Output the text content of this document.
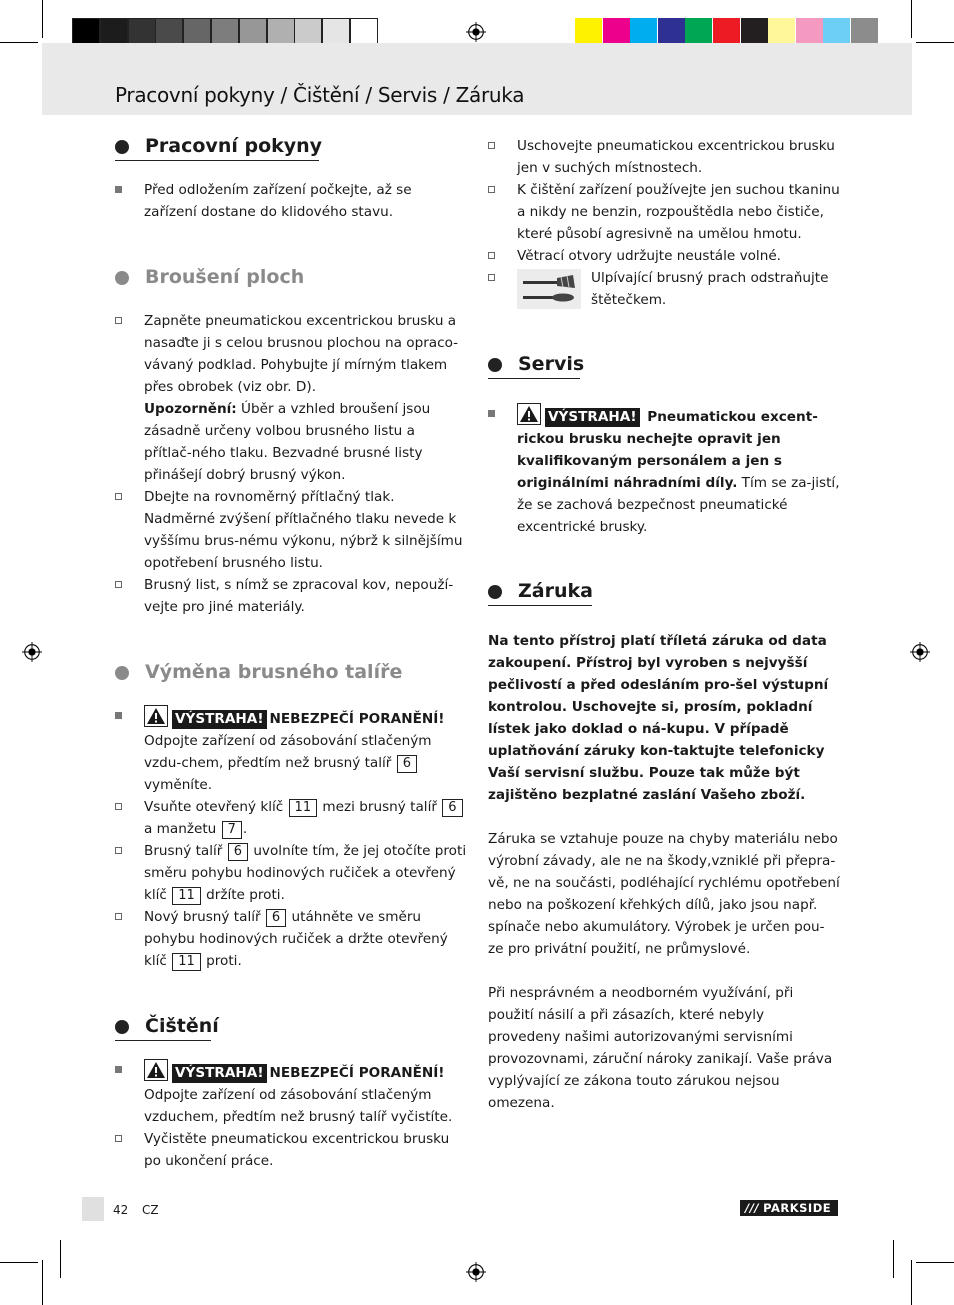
Pracovní pokyny / Čištění / Servis / Záruka
Pracovní pokyny

Před odložením zařízení počkejte, až se zařízení dostane do klidového stavu.

Broušení ploch

Zapněte pneumatickou excentrickou brusku a nasaďte ji s celou brusnou plochou na opraco-vávaný podklad. Pohybujte jí mírným tlakem přes obrobek (viz obr. D).

Upozornění: Úběr a vzhled broušení jsou zásadně určeny volbou brusného listu a přítlač-ného tlaku. Bezvadné brusné listy přinášejí dobrý brusný výkon.

Dbejte na rovnoměrný přítlačný tlak. Nadměrné zvýšení přítlačného tlaku nevede k vyššímu brus-nému výkonu, nýbrž k silnějšímu opotřebení brusného listu.

Brusný list, s nímž se zpracoval kov, nepouží-vejte pro jiné materiály.

Výměna brusného talíře

VÝSTRAHA! NEBEZPEČÍ PORANĚNÍ! Odpojte zařízení od zásobování stlačeným vzdu-chem, předtím než brusný talíř 6 vyměníte.

Vsuňte otevřený klíč 11 mezi brusný talíř 6 a manžetu 7 .

Brusný talíř 6 uvolníte tím, že jej otočíte proti směru pohybu hodinových ručiček a otevřený klíč 11 držíte proti.

Nový brusný talíř 6 utáhněte ve směru pohybu hodinových ručiček a držte otevřený klíč 11 proti.

Čištění

VÝSTRAHA! NEBEZPEČÍ PORANĚNÍ! Odpojte zařízení od zásobování stlačeným vzduchem, předtím než brusný talíř vyčistíte.

Vyčistěte pneumatickou excentrickou brusku po ukončení práce.

Uschovejte pneumatickou excentrickou brusku jen v suchých místnostech.

K čištění zařízení používejte jen suchou tkaninu a nikdy ne benzin, rozpouštědla nebo čističe, které působí agresivně na umělou hmotu.

Větrací otvory udržujte neustále volné.

Ulpívající brusný prach odstraňujte štětečkem.

Servis

VÝSTRAHA! Pneumatickou excent-rickou brusku nechejte opravit jen kvalifikovaným personálem a jen s originálními náhradními díly. Tím se za-jistí, že se zachová bezpečnost pneumatické excentrické brusky.

Záruka

Na tento přístroj platí tříletá záruka od data zakoupení. Přístroj byl vyroben s nejvyšší pečlivostí a před odesláním pro-šel výstupní kontrolou. Uschovejte si, prosím, pokladní lístek jako doklad o ná-kupu. V případě uplatňování záruky kon-taktujte telefonicky Vaší servisní službu. Pouze tak může být zajištěno bezplatné zaslání Vašeho zboží.

Záruka se vztahuje pouze na chyby materiálu nebo výrobní závady, ale ne na škody,vzniklé při přepra-vě, ne na součásti, podléhající rychlému opotřebení nebo na poškození křehkých dílů, jako jsou např. spínače nebo akumulátory. Výrobek je určen pou-ze pro privátní použití, ne průmyslové.

Při nesprávném a neodborném využívání, při použití násilí a při zásazích, které nebyly provedeny našimi autorizovanými servisními provozovnami, záruční nároky zanikají. Vaše práva vyplývající ze zákona touto zárukou nejsou omezena.

42 CZ	/// PARKSIDE
